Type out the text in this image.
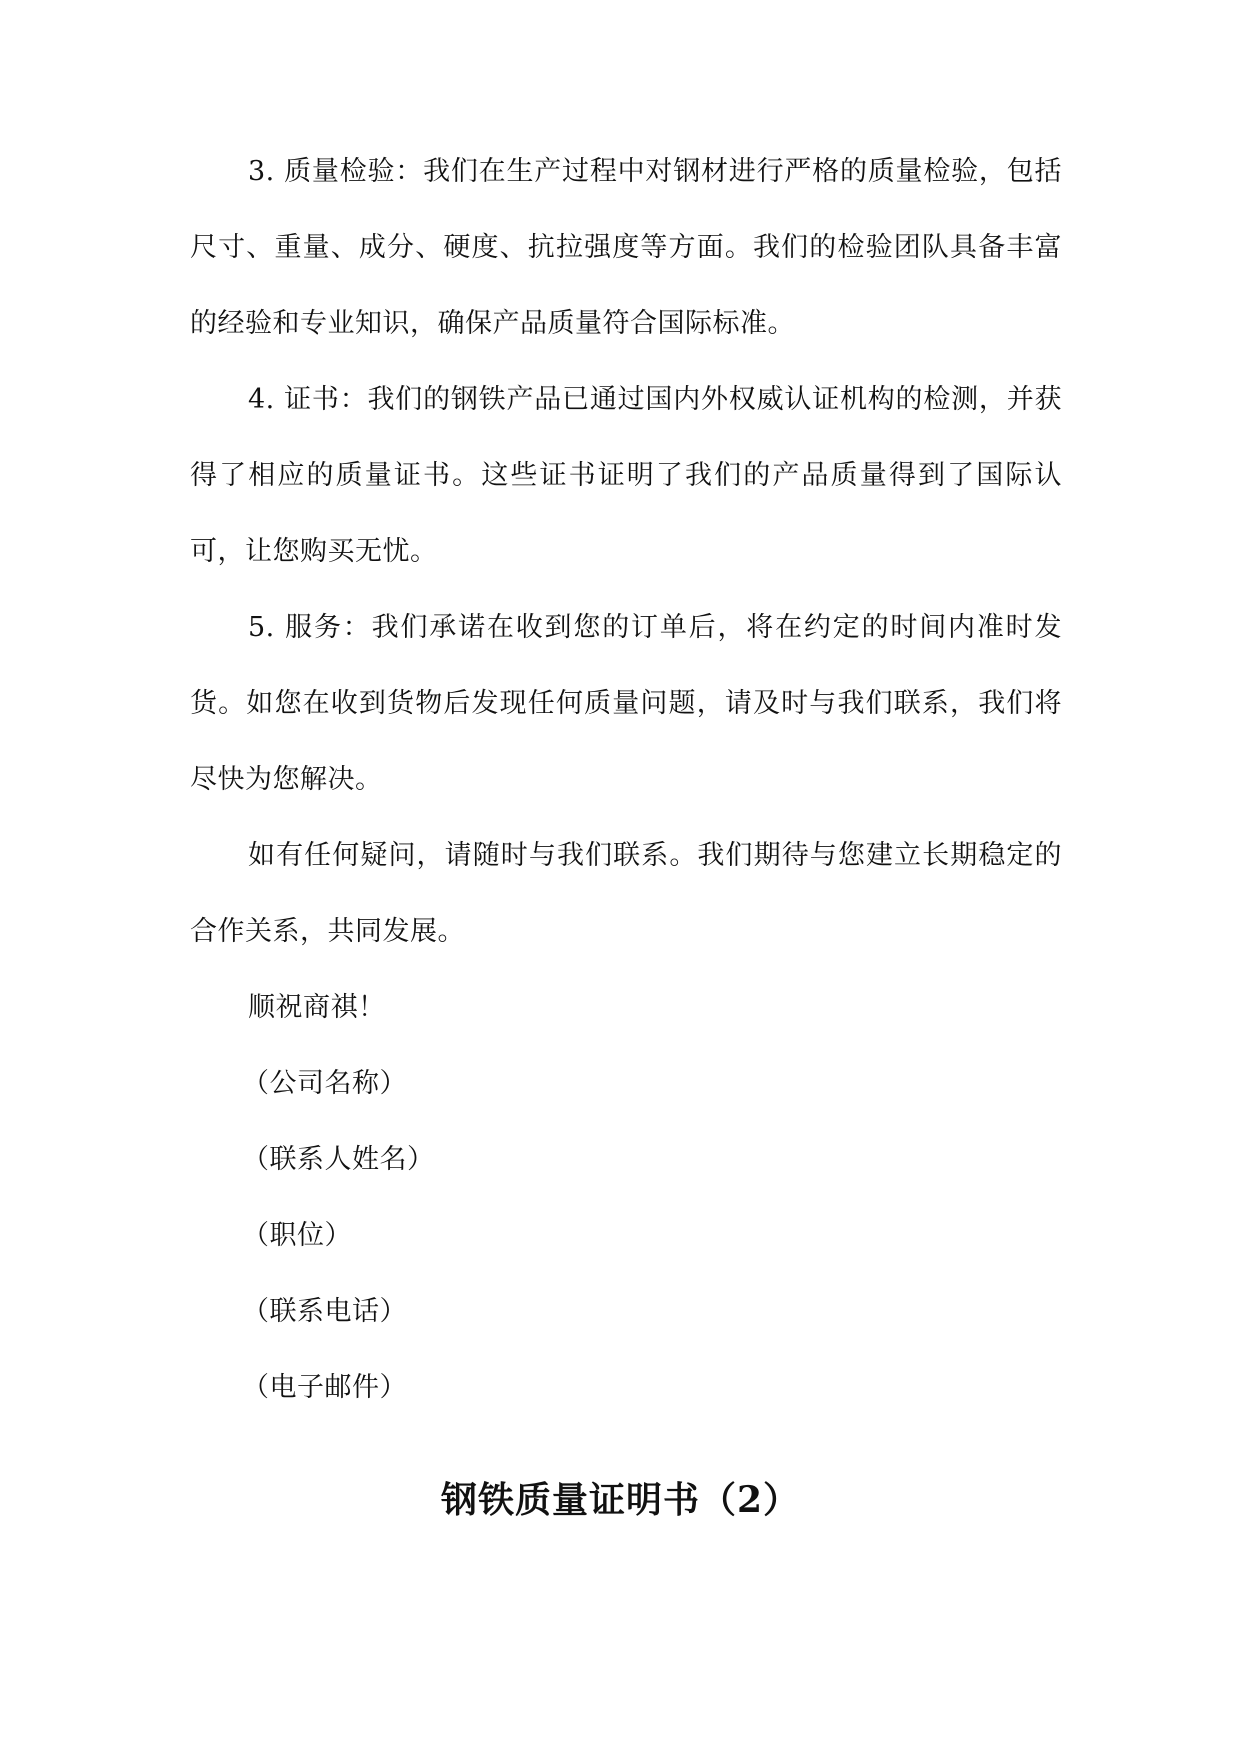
3. 质量检验：我们在生产过程中对钢材进行严格的质量检验，包括尺寸、重量、成分、硬度、抗拉强度等方面。我们的检验团队具备丰富的经验和专业知识，确保产品质量符合国际标准。

4. 证书：我们的钢铁产品已通过国内外权威认证机构的检测，并获得了相应的质量证书。这些证书证明了我们的产品质量得到了国际认可，让您购买无忧。

5. 服务：我们承诺在收到您的订单后，将在约定的时间内准时发货。如您在收到货物后发现任何质量问题，请及时与我们联系，我们将尽快为您解决。

如有任何疑问，请随时与我们联系。我们期待与您建立长期稳定的合作关系，共同发展。

顺祝商祺！

（公司名称）

（联系人姓名）

（职位）

（联系电话）

（电子邮件）

钢铁质量证明书（2）
